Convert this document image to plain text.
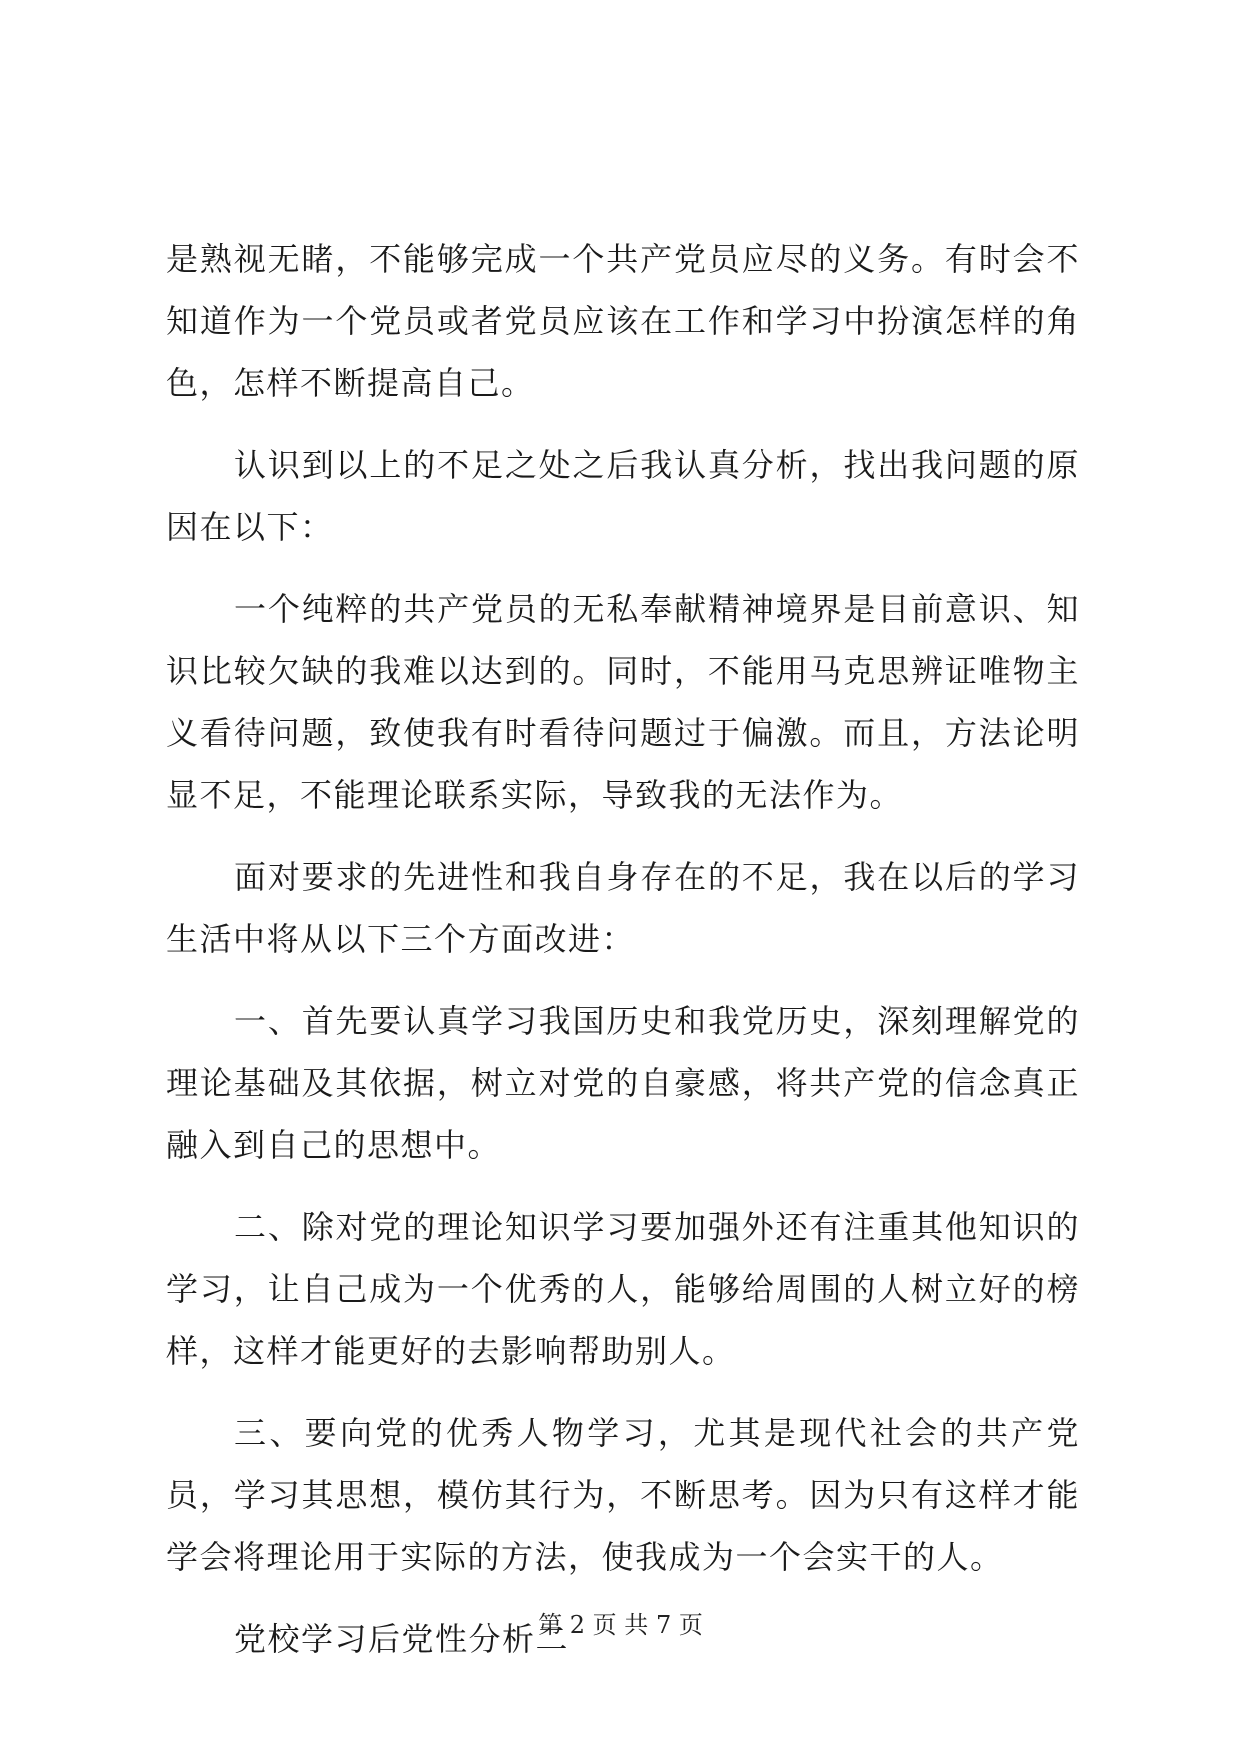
是熟视无睹，不能够完成一个共产党员应尽的义务。有时会不知道作为一个党员或者党员应该在工作和学习中扮演怎样的角色，怎样不断提高自己。

认识到以上的不足之处之后我认真分析，找出我问题的原因在以下：

一个纯粹的共产党员的无私奉献精神境界是目前意识、知识比较欠缺的我难以达到的。同时，不能用马克思辨证唯物主义看待问题，致使我有时看待问题过于偏激。而且，方法论明显不足，不能理论联系实际，导致我的无法作为。

面对要求的先进性和我自身存在的不足，我在以后的学习生活中将从以下三个方面改进：

一、首先要认真学习我国历史和我党历史，深刻理解党的理论基础及其依据，树立对党的自豪感，将共产党的信念真正融入到自己的思想中。

二、除对党的理论知识学习要加强外还有注重其他知识的学习，让自己成为一个优秀的人，能够给周围的人树立好的榜样，这样才能更好的去影响帮助别人。

三、要向党的优秀人物学习，尤其是现代社会的共产党员，学习其思想，模仿其行为，不断思考。因为只有这样才能学会将理论用于实际的方法，使我成为一个会实干的人。

党校学习后党性分析二

第 2 页 共 7 页
